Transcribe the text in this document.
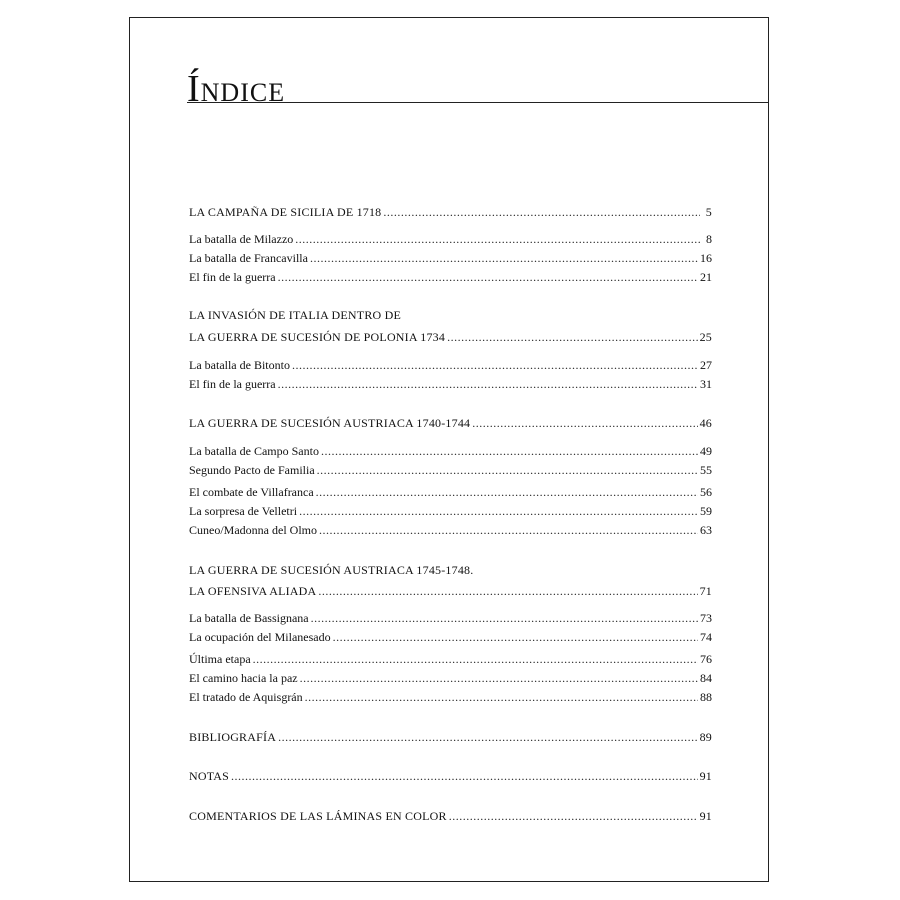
ÍNDICE
LA CAMPAÑA DE SICILIA DE 1718 .....	5
La batalla de Milazzo .....	8
La batalla de Francavilla .....	16
El fin de la guerra .....	21
LA INVASIÓN DE ITALIA DENTRO DE
LA GUERRA DE SUCESIÓN DE POLONIA 1734 .....	25
La batalla de Bitonto .....	27
El fin de la guerra .....	31
LA GUERRA DE SUCESIÓN AUSTRIACA 1740-1744 .....	46
La batalla de Campo Santo .....	49
Segundo Pacto de Familia .....	55
El combate de Villafranca .....	56
La sorpresa de Velletri .....	59
Cuneo/Madonna del Olmo .....	63
LA GUERRA DE SUCESIÓN AUSTRIACA 1745-1748.
LA OFENSIVA ALIADA .....	71
La batalla de Bassignana .....	73
La ocupación del Milanesado .....	74
Última etapa .....	76
El camino hacia la paz .....	84
El tratado de Aquisgrán .....	88
BIBLIOGRAFÍA .....	89
NOTAS .....	91
COMENTARIOS DE LAS LÁMINAS EN COLOR .....	91
